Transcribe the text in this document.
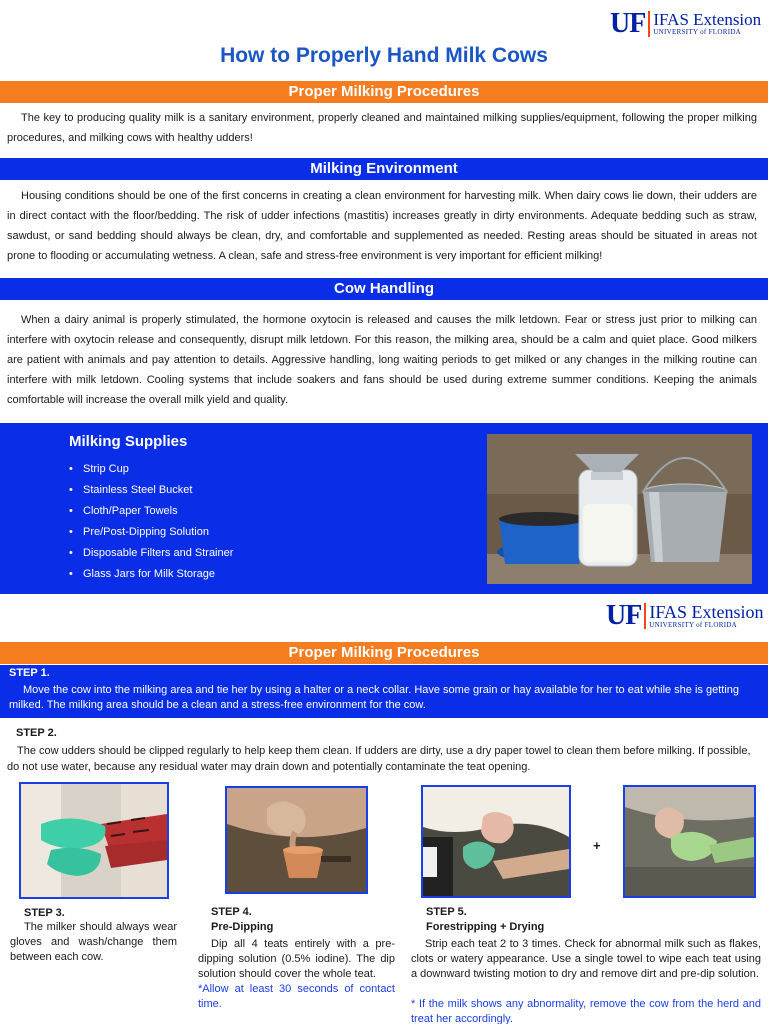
UF IFAS Extension
UNIVERSITY of FLORIDA
How to Properly Hand Milk Cows
Proper Milking Procedures

The key to producing quality milk is a sanitary environment, properly cleaned and maintained milking supplies/equipment, following the proper milking procedures, and milking cows with healthy udders!

Milking Environment

Housing conditions should be one of the first concerns in creating a clean environment for harvesting milk. When dairy cows lie down, their udders are in direct contact with the floor/bedding. The risk of udder infections (mastitis) increases greatly in dirty environments. Adequate bedding such as straw, sawdust, or sand bedding should always be clean, dry, and comfortable and supplemented as needed. Resting areas should be situated in areas not prone to flooding or accumulating wetness. A clean, safe and stress-free environment is very important for efficient milking!

Cow Handling

When a dairy animal is properly stimulated, the hormone oxytocin is released and causes the milk letdown. Fear or stress just prior to milking can interfere with oxytocin release and consequently, disrupt milk letdown. For this reason, the milking area, should be a calm and quiet place. Good milkers are patient with animals and pay attention to details. Aggressive handling, long waiting periods to get milked or any changes in the milking routine can interfere with milk letdown. Cooling systems that include soakers and fans should be used during extreme summer conditions. Keeping the animals comfortable will increase the overall milk yield and quality.

Milking Supplies
• Strip Cup
• Stainless Steel Bucket
• Cloth/Paper Towels
• Pre/Post-Dipping Solution
• Disposable Filters and Strainer
• Glass Jars for Milk Storage
UF IFAS Extension
UNIVERSITY of FLORIDA
Proper Milking Procedures
STEP 1.

Move the cow into the milking area and tie her by using a halter or a neck collar. Have some grain or hay available for her to eat while she is getting milked. The milking area should be a clean and a stress-free environment for the cow.

STEP 2.

The cow udders should be clipped regularly to help keep them clean. If udders are dirty, use a dry paper towel to clean them before milking. If possible, do not use water, because any residual water may drain down and potentially contaminate the teat opening.

+
STEP 3.

The milker should always wear gloves and wash/change them between each cow.

STEP 4.
Pre-Dipping

Dip all 4 teats entirely with a pre-dipping solution (0.5% iodine). The dip solution should cover the whole teat.

*Allow at least 30 seconds of contact time.

STEP 5.
Forestripping + Drying

Strip each teat 2 to 3 times. Check for abnormal milk such as flakes, clots or watery appearance. Use a single towel to wipe each teat using a downward twisting motion to dry and remove dirt and pre-dip solution.

* If the milk shows any abnormality, remove the cow from the herd and treat her accordingly.
